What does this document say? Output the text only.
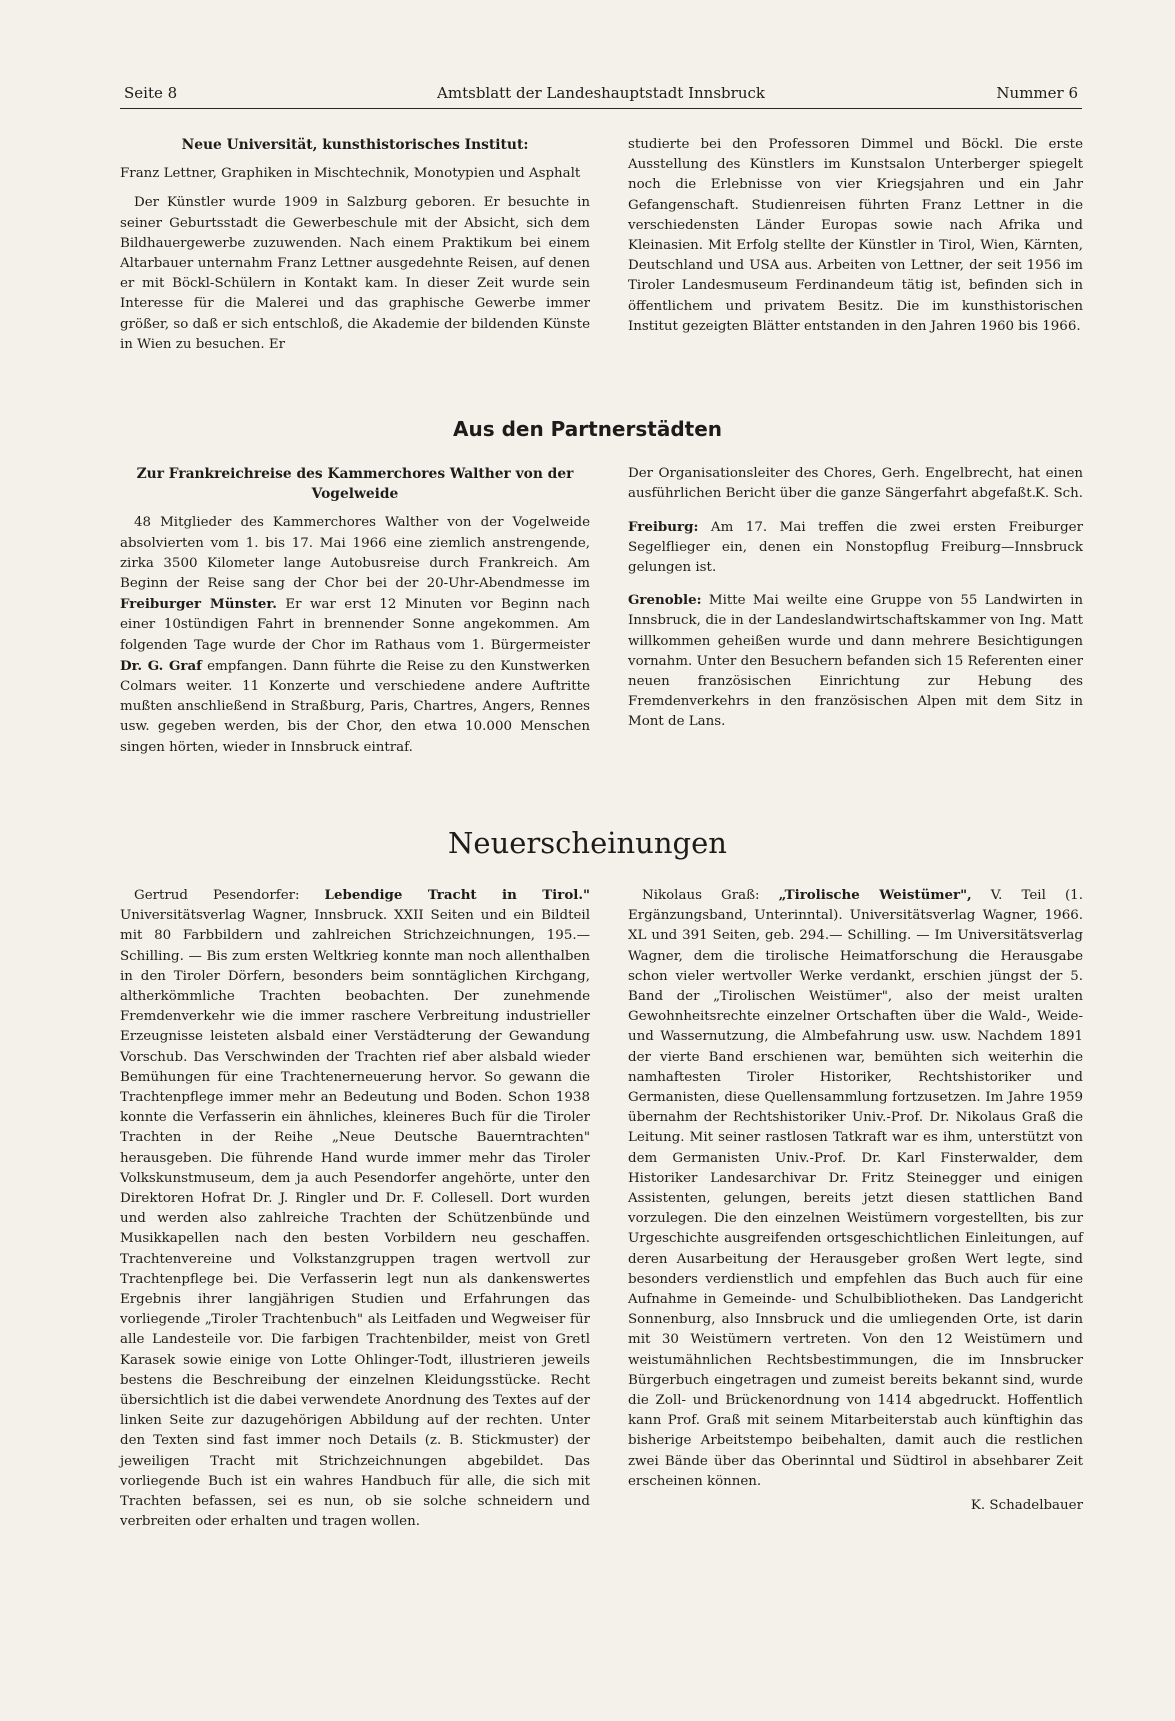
Seite 8	Amtsblatt der Landeshauptstadt Innsbruck	Nummer 6

Neue Universität, kunsthistorisches Institut:

Franz Lettner, Graphiken in Mischtechnik, Monotypien und Asphalt

Der Künstler wurde 1909 in Salzburg geboren. Er besuchte in seiner Geburtsstadt die Gewerbeschule mit der Absicht, sich dem Bildhauergewerbe zuzuwenden. Nach einem Praktikum bei einem Altarbauer unternahm Franz Lettner ausgedehnte Reisen, auf denen er mit Böckl-Schülern in Kontakt kam. In dieser Zeit wurde sein Interesse für die Malerei und das graphische Gewerbe immer größer, so daß er sich entschloß, die Akademie der bildenden Künste in Wien zu besuchen. Er

studierte bei den Professoren Dimmel und Böckl. Die erste Ausstellung des Künstlers im Kunstsalon Unterberger spiegelt noch die Erlebnisse von vier Kriegsjahren und ein Jahr Gefangenschaft. Studienreisen führten Franz Lettner in die verschiedensten Länder Europas sowie nach Afrika und Kleinasien. Mit Erfolg stellte der Künstler in Tirol, Wien, Kärnten, Deutschland und USA aus. Arbeiten von Lettner, der seit 1956 im Tiroler Landesmuseum Ferdinandeum tätig ist, befinden sich in öffentlichem und privatem Besitz. Die im kunsthistorischen Institut gezeigten Blätter entstanden in den Jahren 1960 bis 1966.

Aus den Partnerstädten

Zur Frankreichreise des Kammerchores Walther von der Vogelweide

48 Mitglieder des Kammerchores Walther von der Vogelweide absolvierten vom 1. bis 17. Mai 1966 eine ziemlich anstrengende, zirka 3500 Kilometer lange Autobusreise durch Frankreich. Am Beginn der Reise sang der Chor bei der 20-Uhr-Abendmesse im Freiburger Münster. Er war erst 12 Minuten vor Beginn nach einer 10stündigen Fahrt in brennender Sonne angekommen. Am folgenden Tage wurde der Chor im Rathaus vom 1. Bürgermeister Dr. G. Graf empfangen. Dann führte die Reise zu den Kunstwerken Colmars weiter. 11 Konzerte und verschiedene andere Auftritte mußten anschließend in Straßburg, Paris, Chartres, Angers, Rennes usw. gegeben werden, bis der Chor, den etwa 10.000 Menschen singen hörten, wieder in Innsbruck eintraf.

Der Organisationsleiter des Chores, Gerh. Engelbrecht, hat einen ausführlichen Bericht über die ganze Sängerfahrt abgefaßt. K. Sch.

Freiburg: Am 17. Mai treffen die zwei ersten Freiburger Segelflieger ein, denen ein Nonstopflug Freiburg—Innsbruck gelungen ist.

Grenoble: Mitte Mai weilte eine Gruppe von 55 Landwirten in Innsbruck, die in der Landeslandwirtschaftskammer von Ing. Matt willkommen geheißen wurde und dann mehrere Besichtigungen vornahm. Unter den Besuchern befanden sich 15 Referenten einer neuen französischen Einrichtung zur Hebung des Fremdenverkehrs in den französischen Alpen mit dem Sitz in Mont de Lans.

Neuerscheinungen

Gertrud Pesendorfer: Lebendige Tracht in Tirol." Universitätsverlag Wagner, Innsbruck. XXII Seiten und ein Bildteil mit 80 Farbbildern und zahlreichen Strichzeichnungen, 195.— Schilling. — Bis zum ersten Weltkrieg konnte man noch allenthalben in den Tiroler Dörfern, besonders beim sonntäglichen Kirchgang, altherkömmliche Trachten beobachten. Der zunehmende Fremdenverkehr wie die immer raschere Verbreitung industrieller Erzeugnisse leisteten alsbald einer Verstädterung der Gewandung Vorschub. Das Verschwinden der Trachten rief aber alsbald wieder Bemühungen für eine Trachtenerneuerung hervor. So gewann die Trachtenpflege immer mehr an Bedeutung und Boden. Schon 1938 konnte die Verfasserin ein ähnliches, kleineres Buch für die Tiroler Trachten in der Reihe „Neue Deutsche Bauerntrachten" herausgeben. Die führende Hand wurde immer mehr das Tiroler Volkskunstmuseum, dem ja auch Pesendorfer angehörte, unter den Direktoren Hofrat Dr. J. Ringler und Dr. F. Collesell. Dort wurden und werden also zahlreiche Trachten der Schützenbünde und Musikkapellen nach den besten Vorbildern neu geschaffen. Trachtenvereine und Volkstanzgruppen tragen wertvoll zur Trachtenpflege bei. Die Verfasserin legt nun als dankenswertes Ergebnis ihrer langjährigen Studien und Erfahrungen das vorliegende „Tiroler Trachtenbuch" als Leitfaden und Wegweiser für alle Landesteile vor. Die farbigen Trachtenbilder, meist von Gretl Karasek sowie einige von Lotte Ohlinger-Todt, illustrieren jeweils bestens die Beschreibung der einzelnen Kleidungsstücke. Recht übersichtlich ist die dabei verwendete Anordnung des Textes auf der linken Seite zur dazugehörigen Abbildung auf der rechten. Unter den Texten sind fast immer noch Details (z. B. Stickmuster) der jeweiligen Tracht mit Strichzeichnungen abgebildet. Das vorliegende Buch ist ein wahres Handbuch für alle, die sich mit Trachten befassen, sei es nun, ob sie solche schneidern und verbreiten oder erhalten und tragen wollen.

Nikolaus Graß: „Tirolische Weistümer", V. Teil (1. Ergänzungsband, Unterinntal). Universitätsverlag Wagner, 1966. XL und 391 Seiten, geb. 294.— Schilling. — Im Universitätsverlag Wagner, dem die tirolische Heimatforschung die Herausgabe schon vieler wertvoller Werke verdankt, erschien jüngst der 5. Band der „Tirolischen Weistümer", also der meist uralten Gewohnheitsrechte einzelner Ortschaften über die Wald-, Weide- und Wassernutzung, die Almbefahrung usw. usw. Nachdem 1891 der vierte Band erschienen war, bemühten sich weiterhin die namhaftesten Tiroler Historiker, Rechtshistoriker und Germanisten, diese Quellensammlung fortzusetzen. Im Jahre 1959 übernahm der Rechtshistoriker Univ.-Prof. Dr. Nikolaus Graß die Leitung. Mit seiner rastlosen Tatkraft war es ihm, unterstützt von dem Germanisten Univ.-Prof. Dr. Karl Finsterwalder, dem Historiker Landesarchivar Dr. Fritz Steinegger und einigen Assistenten, gelungen, bereits jetzt diesen stattlichen Band vorzulegen. Die den einzelnen Weistümern vorgestellten, bis zur Urgeschichte ausgreifenden ortsgeschichtlichen Einleitungen, auf deren Ausarbeitung der Herausgeber großen Wert legte, sind besonders verdienstlich und empfehlen das Buch auch für eine Aufnahme in Gemeinde- und Schulbibliotheken. Das Landgericht Sonnenburg, also Innsbruck und die umliegenden Orte, ist darin mit 30 Weistümern vertreten. Von den 12 Weistümern und weistumähnlichen Rechtsbestimmungen, die im Innsbrucker Bürgerbuch eingetragen und zumeist bereits bekannt sind, wurde die Zoll- und Brückenordnung von 1414 abgedruckt. Hoffentlich kann Prof. Graß mit seinem Mitarbeiterstab auch künftighin das bisherige Arbeitstempo beibehalten, damit auch die restlichen zwei Bände über das Oberinntal und Südtirol in absehbarer Zeit erscheinen können.

K. Schadelbauer
